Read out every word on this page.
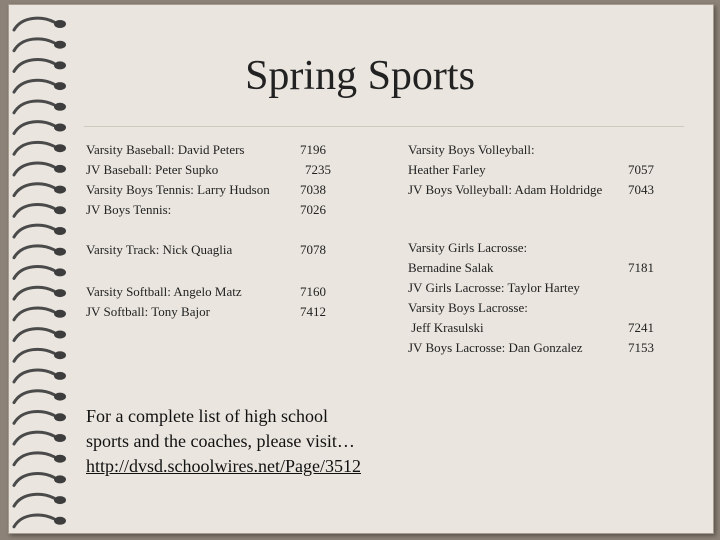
Spring Sports
Varsity Baseball: David Peters	7196
JV Baseball: Peter Supko	7235
Varsity Boys Tennis: Larry Hudson 7038
JV Boys Tennis:	7026
Varsity Track: Nick Quaglia	7078
Varsity Softball: Angelo Matz	7160
JV Softball: Tony Bajor	7412
Varsity Boys Volleyball:
Heather Farley	7057
JV Boys Volleyball: Adam Holdridge 7043
Varsity Girls Lacrosse:
Bernadine Salak	7181
JV Girls Lacrosse: Taylor Hartey
Varsity Boys Lacrosse:
Jeff Krasulski	7241
JV Boys Lacrosse: Dan Gonzalez	7153
For a complete list of high school
sports and the coaches, please visit…
http://dvsd.schoolwires.net/Page/3512
